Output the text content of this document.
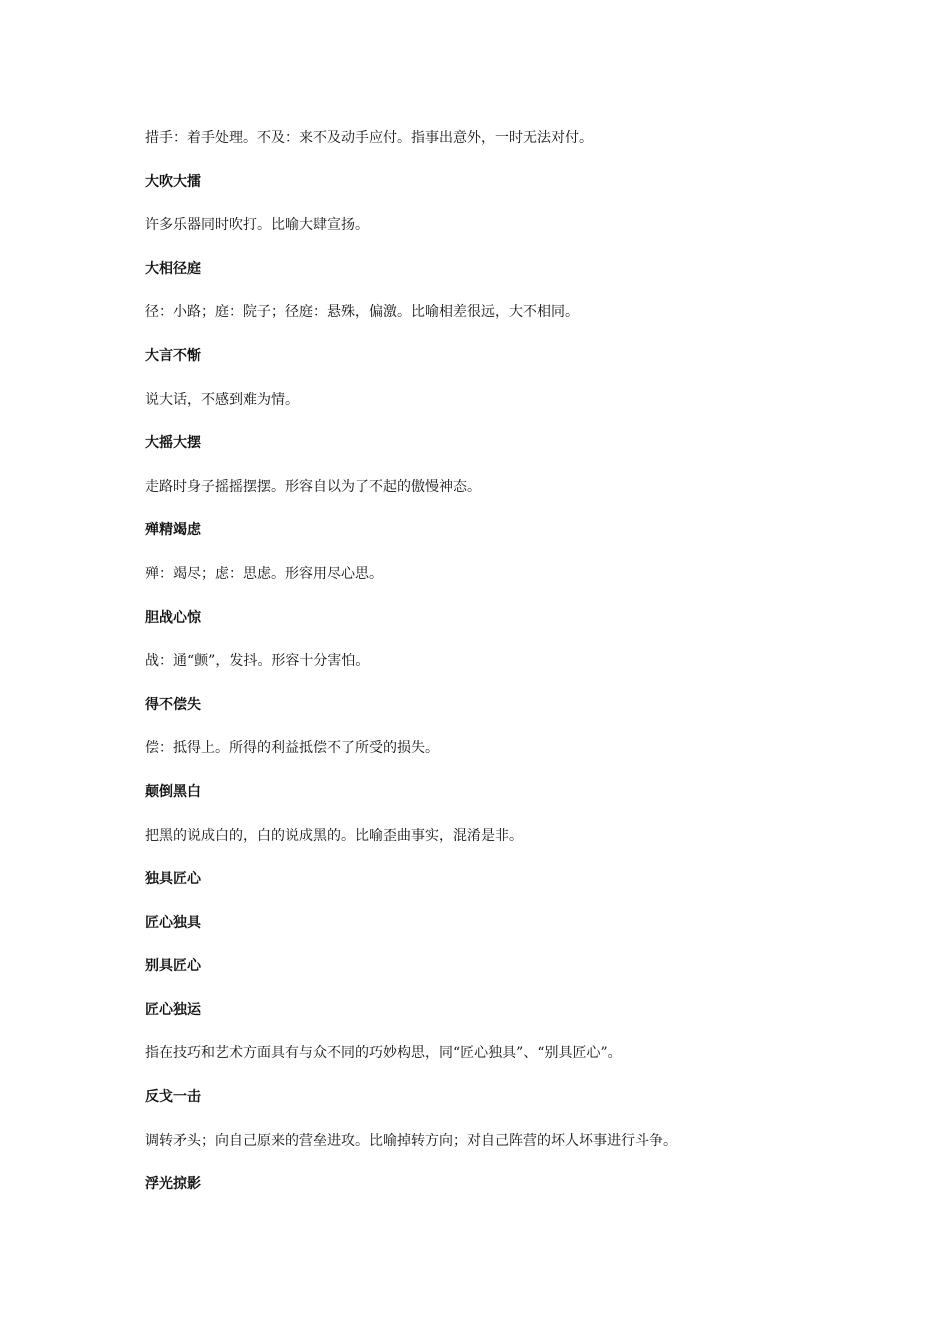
措手：着手处理。不及：来不及动手应付。指事出意外，一时无法对付。
大吹大擂
许多乐器同时吹打。比喻大肆宣扬。
大相径庭
径：小路；庭：院子；径庭：悬殊，偏激。比喻相差很远，大不相同。
大言不惭
说大话，不感到难为情。
大摇大摆
走路时身子摇摇摆摆。形容自以为了不起的傲慢神态。
殚精竭虑
殚：竭尽；虑：思虑。形容用尽心思。
胆战心惊
战：通“颤”，发抖。形容十分害怕。
得不偿失
偿：抵得上。所得的利益抵偿不了所受的损失。
颠倒黑白
把黑的说成白的，白的说成黑的。比喻歪曲事实，混淆是非。
独具匠心
匠心独具
别具匠心
匠心独运
指在技巧和艺术方面具有与众不同的巧妙构思，同“匠心独具”、“别具匠心”。
反戈一击
调转矛头；向自己原来的营垒进攻。比喻掉转方向；对自己阵营的坏人坏事进行斗争。
浮光掠影
